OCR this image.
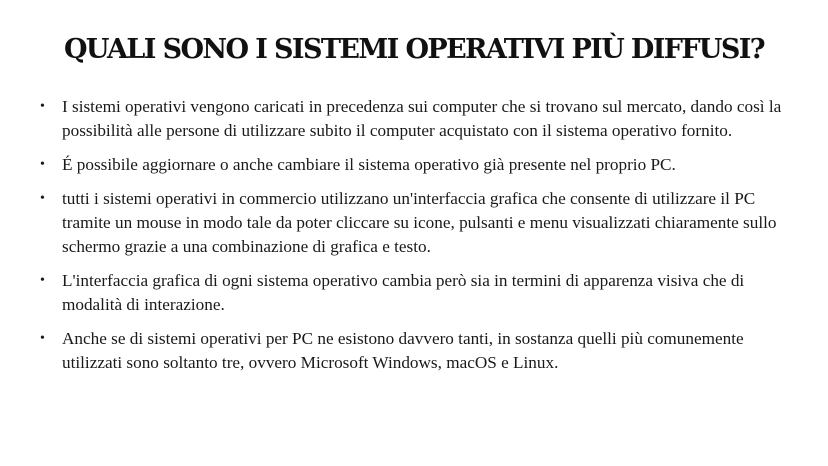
QUALI SONO I SISTEMI OPERATIVI PIÙ DIFFUSI?
• I sistemi operativi vengono caricati in precedenza sui computer che si trovano sul mercato, dando così la possibilità alle persone di utilizzare subito il computer acquistato con il sistema operativo fornito.
• É possibile aggiornare o anche cambiare il sistema operativo già presente nel proprio PC.
• tutti i sistemi operativi in commercio utilizzano un'interfaccia grafica che consente di utilizzare il PC tramite un mouse in modo tale da poter cliccare su icone, pulsanti e menu visualizzati chiaramente sullo schermo grazie a una combinazione di grafica e testo.
• L'interfaccia grafica di ogni sistema operativo cambia però sia in termini di apparenza visiva che di modalità di interazione.
• Anche se di sistemi operativi per PC ne esistono davvero tanti, in sostanza quelli più comunemente utilizzati sono soltanto tre, ovvero Microsoft Windows, macOS e Linux.
